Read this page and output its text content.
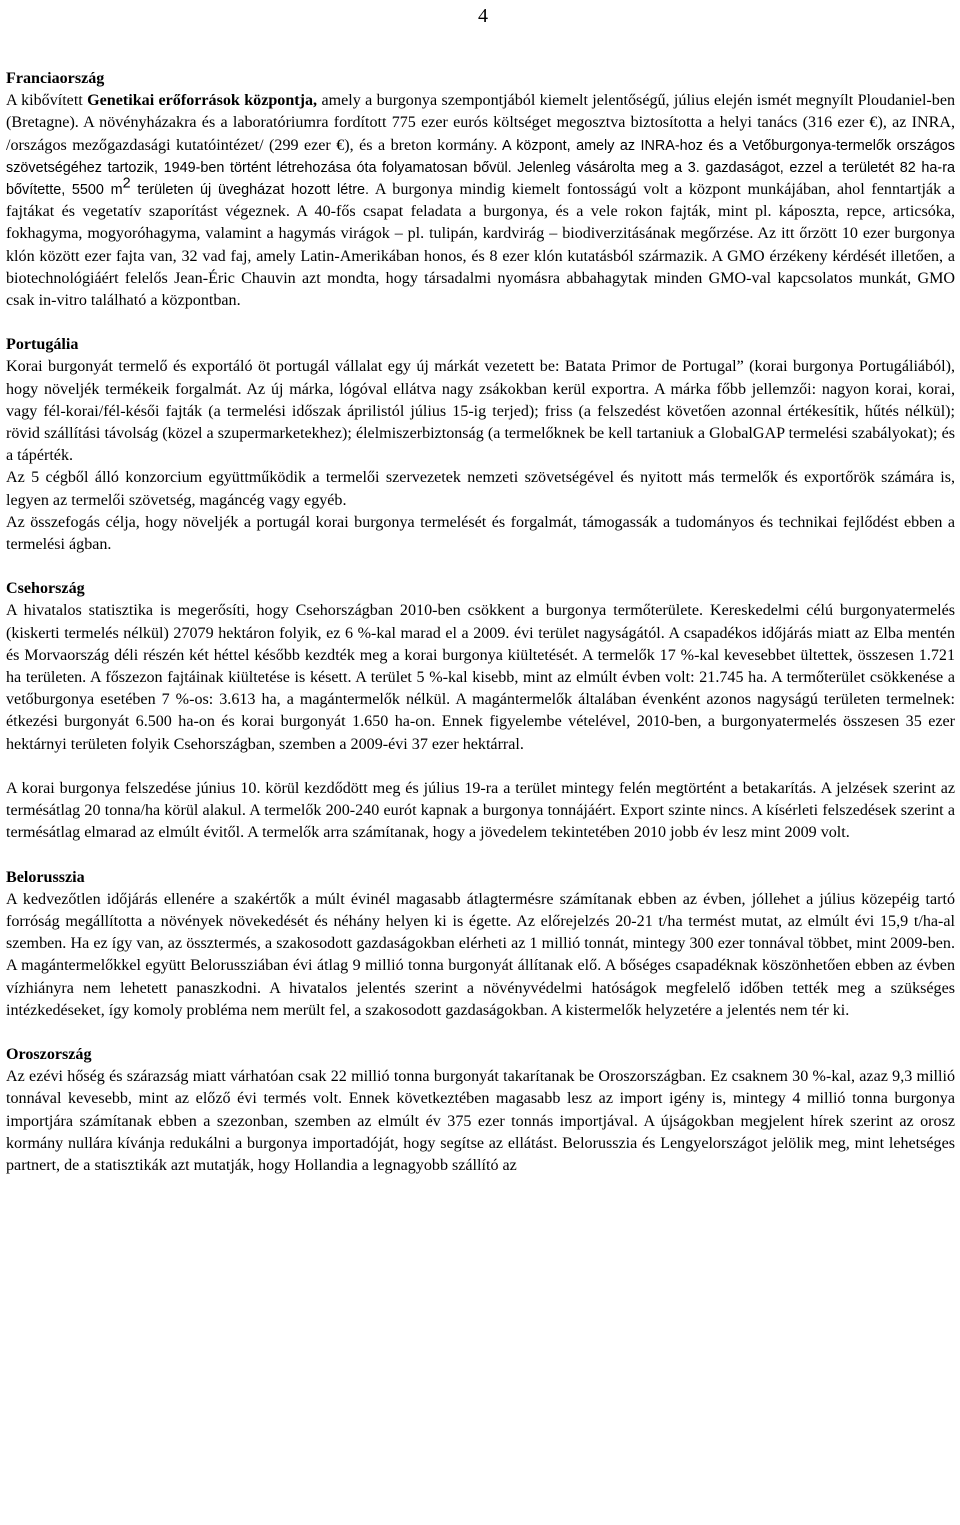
4
Franciaország

A kibővített Genetikai erőforrások központja, amely a burgonya szempontjából kiemelt jelentőségű, július elején ismét megnyílt Ploudaniel-ben (Bretagne). A növényházakra és a laboratóriumra fordított 775 ezer eurós költséget megosztva biztosította a helyi tanács (316 ezer €), az INRA, /országos mezőgazdasági kutatóintézet/ (299 ezer €), és a breton kormány. A központ, amely az INRA-hoz és a Vetőburgonya-termelők országos szövetségéhez tartozik, 1949-ben történt létrehozása óta folyamatosan bővül. Jelenleg vásárolta meg a 3. gazdaságot, ezzel a területét 82 ha-ra bővítette, 5500 $m^2$ területen új üvegházat hozott létre. A burgonya mindig kiemelt fontosságú volt a központ munkájában, ahol fenntartják a fajtákat és vegetatív szaporítást végeznek. A 40-fős csapat feladata a burgonya, és a vele rokon fajták, mint pl. káposzta, repce, articsóka, fokhagyma, mogyoróhagyma, valamint a hagymás virágok – pl. tulipán, kardvirág – biodiverzitásának megőrzése. Az itt őrzött 10 ezer burgonya klón között ezer fajta van, 32 vad faj, amely Latin-Amerikában honos, és 8 ezer klón kutatásból származik. A GMO érzékeny kérdését illetően, a biotechnológiáért felelős Jean-Éric Chauvin azt mondta, hogy társadalmi nyomásra abbahagytak minden GMO-val kapcsolatos munkát, GMO csak in-vitro található a központban.

Portugália

Korai burgonyát termelő és exportáló öt portugál vállalat egy új márkát vezetett be: Batata Primor de Portugal” (korai burgonya Portugáliából), hogy növeljék termékeik forgalmát. Az új márka, lógóval ellátva nagy zsákokban kerül exportra. A márka főbb jellemzői: nagyon korai, korai, vagy fél-korai/fél-késői fajták (a termelési időszak áprilistól július 15-ig terjed); friss (a felszedést követően azonnal értékesítik, hűtés nélkül); rövid szállítási távolság (közel a szupermarketekhez); élelmiszerbiztonság (a termelőknek be kell tartaniuk a GlobalGAP termelési szabályokat); és a tápérték.

Az 5 cégből álló konzorcium együttműködik a termelői szervezetek nemzeti szövetségével és nyitott más termelők és exportőrök számára is, legyen az termelői szövetség, magáncég vagy egyéb.

Az összefogás célja, hogy növeljék a portugál korai burgonya termelését és forgalmát, támogassák a tudományos és technikai fejlődést ebben a termelési ágban.

Csehország

A hivatalos statisztika is megerősíti, hogy Csehországban 2010-ben csökkent a burgonya termőterülete. Kereskedelmi célú burgonyatermelés (kiskerti termelés nélkül) 27079 hektáron folyik, ez 6 %-kal marad el a 2009. évi terület nagyságától. A csapadékos időjárás miatt az Elba mentén és Morvaország déli részén két héttel később kezdték meg a korai burgonya kiültetését. A termelők 17 %-kal kevesebbet ültettek, összesen 1.721 ha területen. A főszezon fajtáinak kiültetése is késett. A terület 5 %-kal kisebb, mint az elmúlt évben volt: 21.745 ha. A termőterület csökkenése a vetőburgonya esetében 7 %-os: 3.613 ha, a magántermelők nélkül. A magántermelők általában évenként azonos nagyságú területen termelnek: étkezési burgonyát 6.500 ha-on és korai burgonyát 1.650 ha-on. Ennek figyelembe vételével, 2010-ben, a burgonyatermelés összesen 35 ezer hektárnyi területen folyik Csehországban, szemben a 2009-évi 37 ezer hektárral.

A korai burgonya felszedése június 10. körül kezdődött meg és július 19-ra a terület mintegy felén megtörtént a betakarítás. A jelzések szerint az termésátlag 20 tonna/ha körül alakul. A termelők 200-240 eurót kapnak a burgonya tonnájáért. Export szinte nincs. A kísérleti felszedések szerint a termésátlag elmarad az elmúlt évitől. A termelők arra számítanak, hogy a jövedelem tekintetében 2010 jobb év lesz mint 2009 volt.

Belorusszia

A kedvezőtlen időjárás ellenére a szakértők a múlt évinél magasabb átlagtermésre számítanak ebben az évben, jóllehet a július közepéig tartó forróság megállította a növények növekedését és néhány helyen ki is égette. Az előrejelzés 20-21 t/ha termést mutat, az elmúlt évi 15,9 t/ha-al szemben. Ha ez így van, az össztermés, a szakosodott gazdaságokban elérheti az 1 millió tonnát, mintegy 300 ezer tonnával többet, mint 2009-ben. A magántermelőkkel együtt Belorussziában évi átlag 9 millió tonna burgonyát állítanak elő. A bőséges csapadéknak köszönhetően ebben az évben vízhiányra nem lehetett panaszkodni. A hivatalos jelentés szerint a növényvédelmi hatóságok megfelelő időben tették meg a szükséges intézkedéseket, így komoly probléma nem merült fel, a szakosodott gazdaságokban. A kistermelők helyzetére a jelentés nem tér ki.

Oroszország

Az ezévi hőség és szárazság miatt várhatóan csak 22 millió tonna burgonyát takarítanak be Oroszországban. Ez csaknem 30 %-kal, azaz 9,3 millió tonnával kevesebb, mint az előző évi termés volt. Ennek következtében magasabb lesz az import igény is, mintegy 4 millió tonna burgonya importjára számítanak ebben a szezonban, szemben az elmúlt év 375 ezer tonnás importjával. A újságokban megjelent hírek szerint az orosz kormány nullára kívánja redukálni a burgonya importadóját, hogy segítse az ellátást. Belorusszia és Lengyelországot jelölik meg, mint lehetséges partnert, de a statisztikák azt mutatják, hogy Hollandia a legnagyobb szállító az
